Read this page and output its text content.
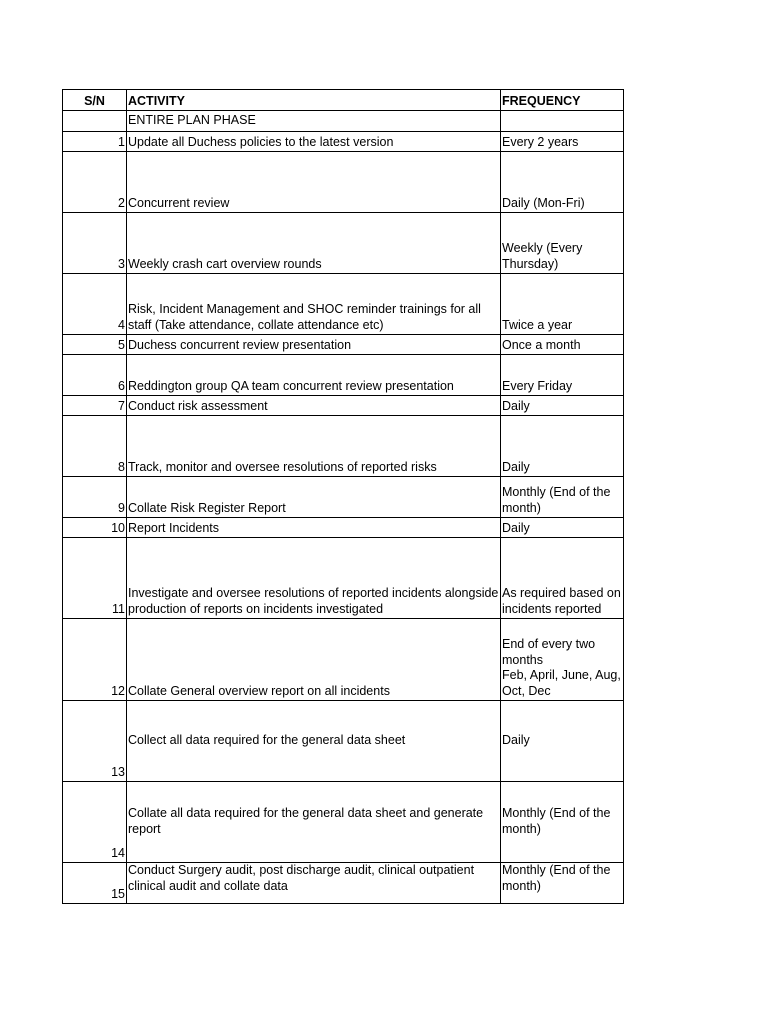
S/N	ACTIVITY	FREQUENCY
	ENTIRE PLAN PHASE	
1	Update all Duchess policies to the latest version	Every 2 years
2	Concurrent review	Daily (Mon-Fri)
3	Weekly crash cart overview rounds	Weekly (Every Thursday)
4	Risk, Incident Management and SHOC reminder trainings for all staff (Take attendance, collate attendance etc)	Twice a year
5	Duchess concurrent review presentation	Once a month
6	Reddington group QA team concurrent review presentation	Every Friday
7	Conduct risk assessment	Daily
8	Track, monitor and oversee resolutions of reported risks	Daily
9	Collate Risk Register Report	Monthly (End of the month)
10	Report Incidents	Daily
11	Investigate and oversee resolutions of reported incidents alongside production of reports on incidents investigated	As required based on incidents reported
12	Collate General overview report on all incidents	End of every two months
Feb, April, June, Aug, Oct, Dec
13	Collect all data required for the general data sheet	Daily
14	Collate all data required for the general data sheet and generate report	Monthly (End of the month)
15	Conduct Surgery audit, post discharge audit, clinical outpatient clinical audit and collate data	Monthly (End of the month)
